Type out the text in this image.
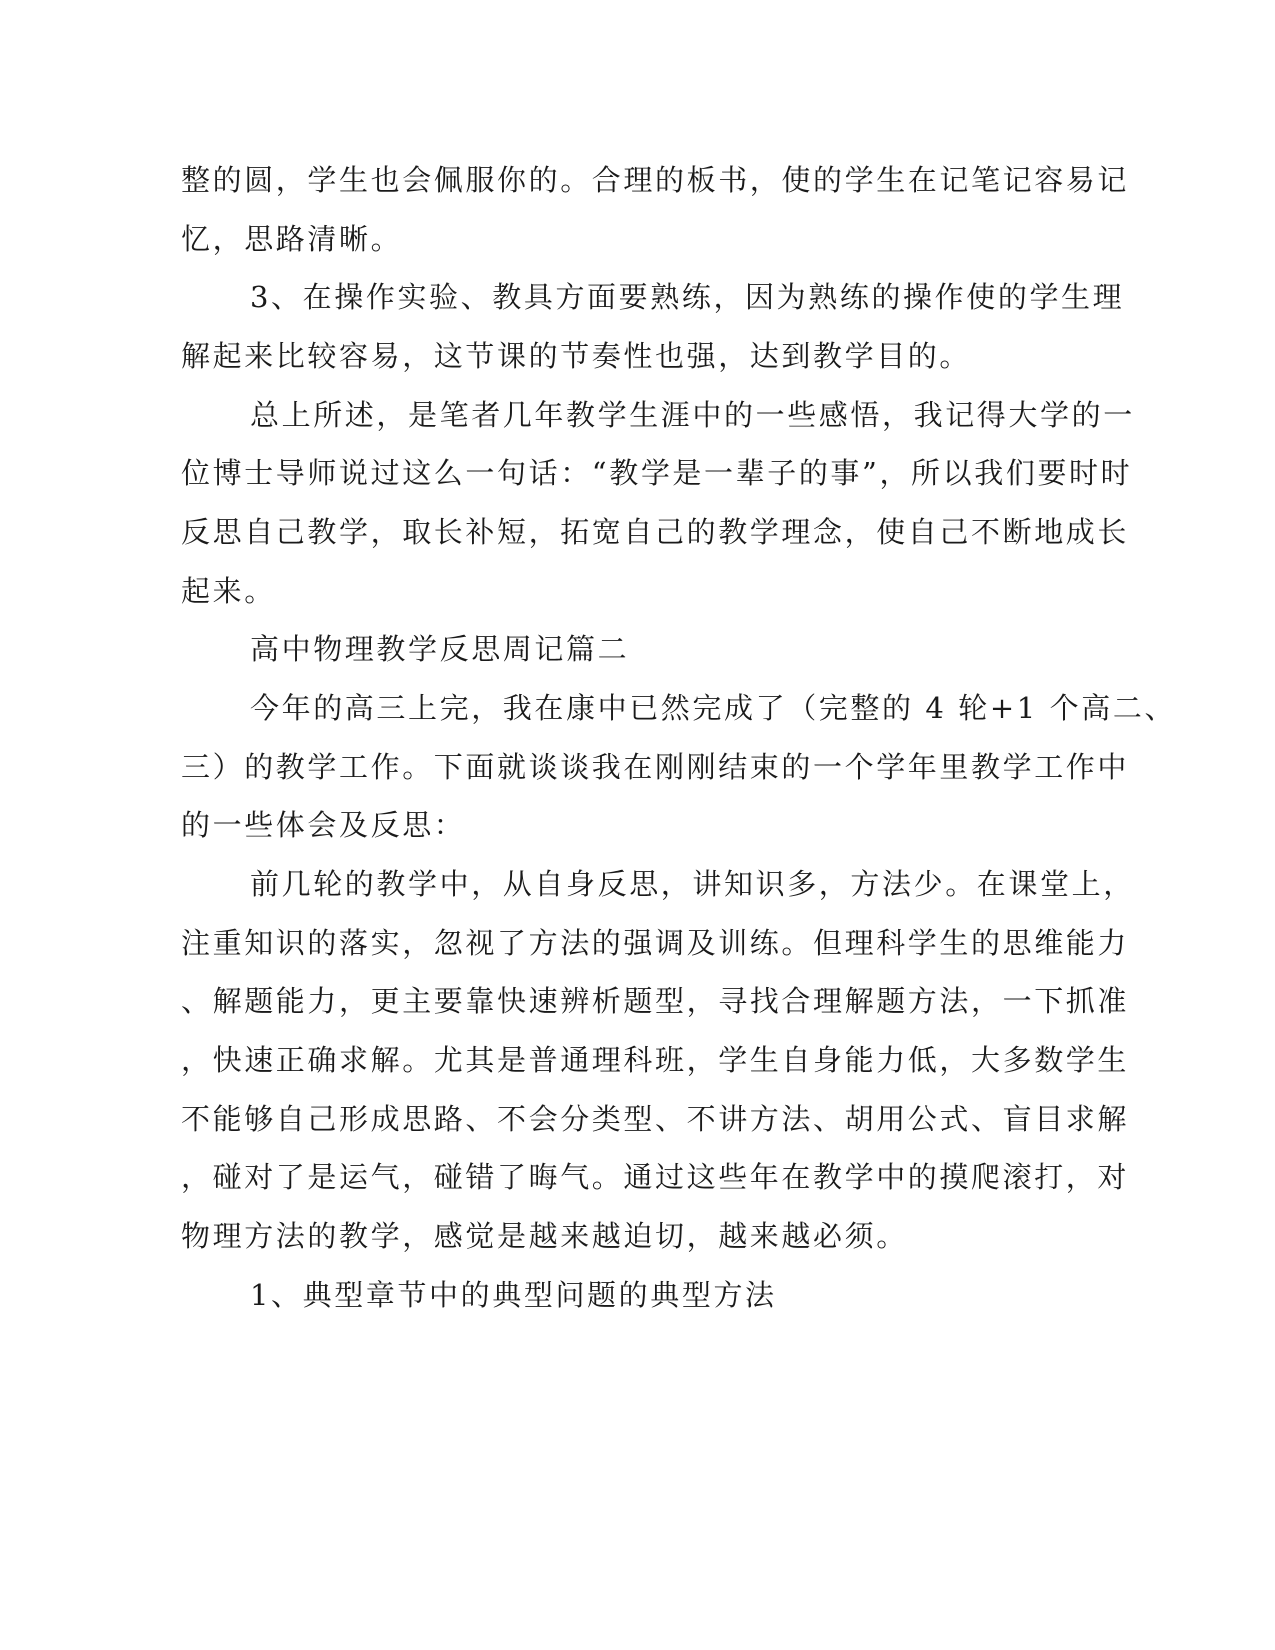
整的圆，学生也会佩服你的。合理的板书，使的学生在记笔记容易记
忆，思路清晰。
3、在操作实验、教具方面要熟练，因为熟练的操作使的学生理
解起来比较容易，这节课的节奏性也强，达到教学目的。
总上所述，是笔者几年教学生涯中的一些感悟，我记得大学的一
位博士导师说过这么一句话：“教学是一辈子的事”，所以我们要时时
反思自己教学，取长补短，拓宽自己的教学理念，使自己不断地成长
起来。
高中物理教学反思周记篇二
今年的高三上完，我在康中已然完成了（完整的 4 轮+1 个高二、
三）的教学工作。下面就谈谈我在刚刚结束的一个学年里教学工作中
的一些体会及反思：
前几轮的教学中，从自身反思，讲知识多，方法少。在课堂上，
注重知识的落实，忽视了方法的强调及训练。但理科学生的思维能力
、解题能力，更主要靠快速辨析题型，寻找合理解题方法，一下抓准
，快速正确求解。尤其是普通理科班，学生自身能力低，大多数学生
不能够自己形成思路、不会分类型、不讲方法、胡用公式、盲目求解
，碰对了是运气，碰错了晦气。通过这些年在教学中的摸爬滚打，对
物理方法的教学，感觉是越来越迫切，越来越必须。
1、典型章节中的典型问题的典型方法
